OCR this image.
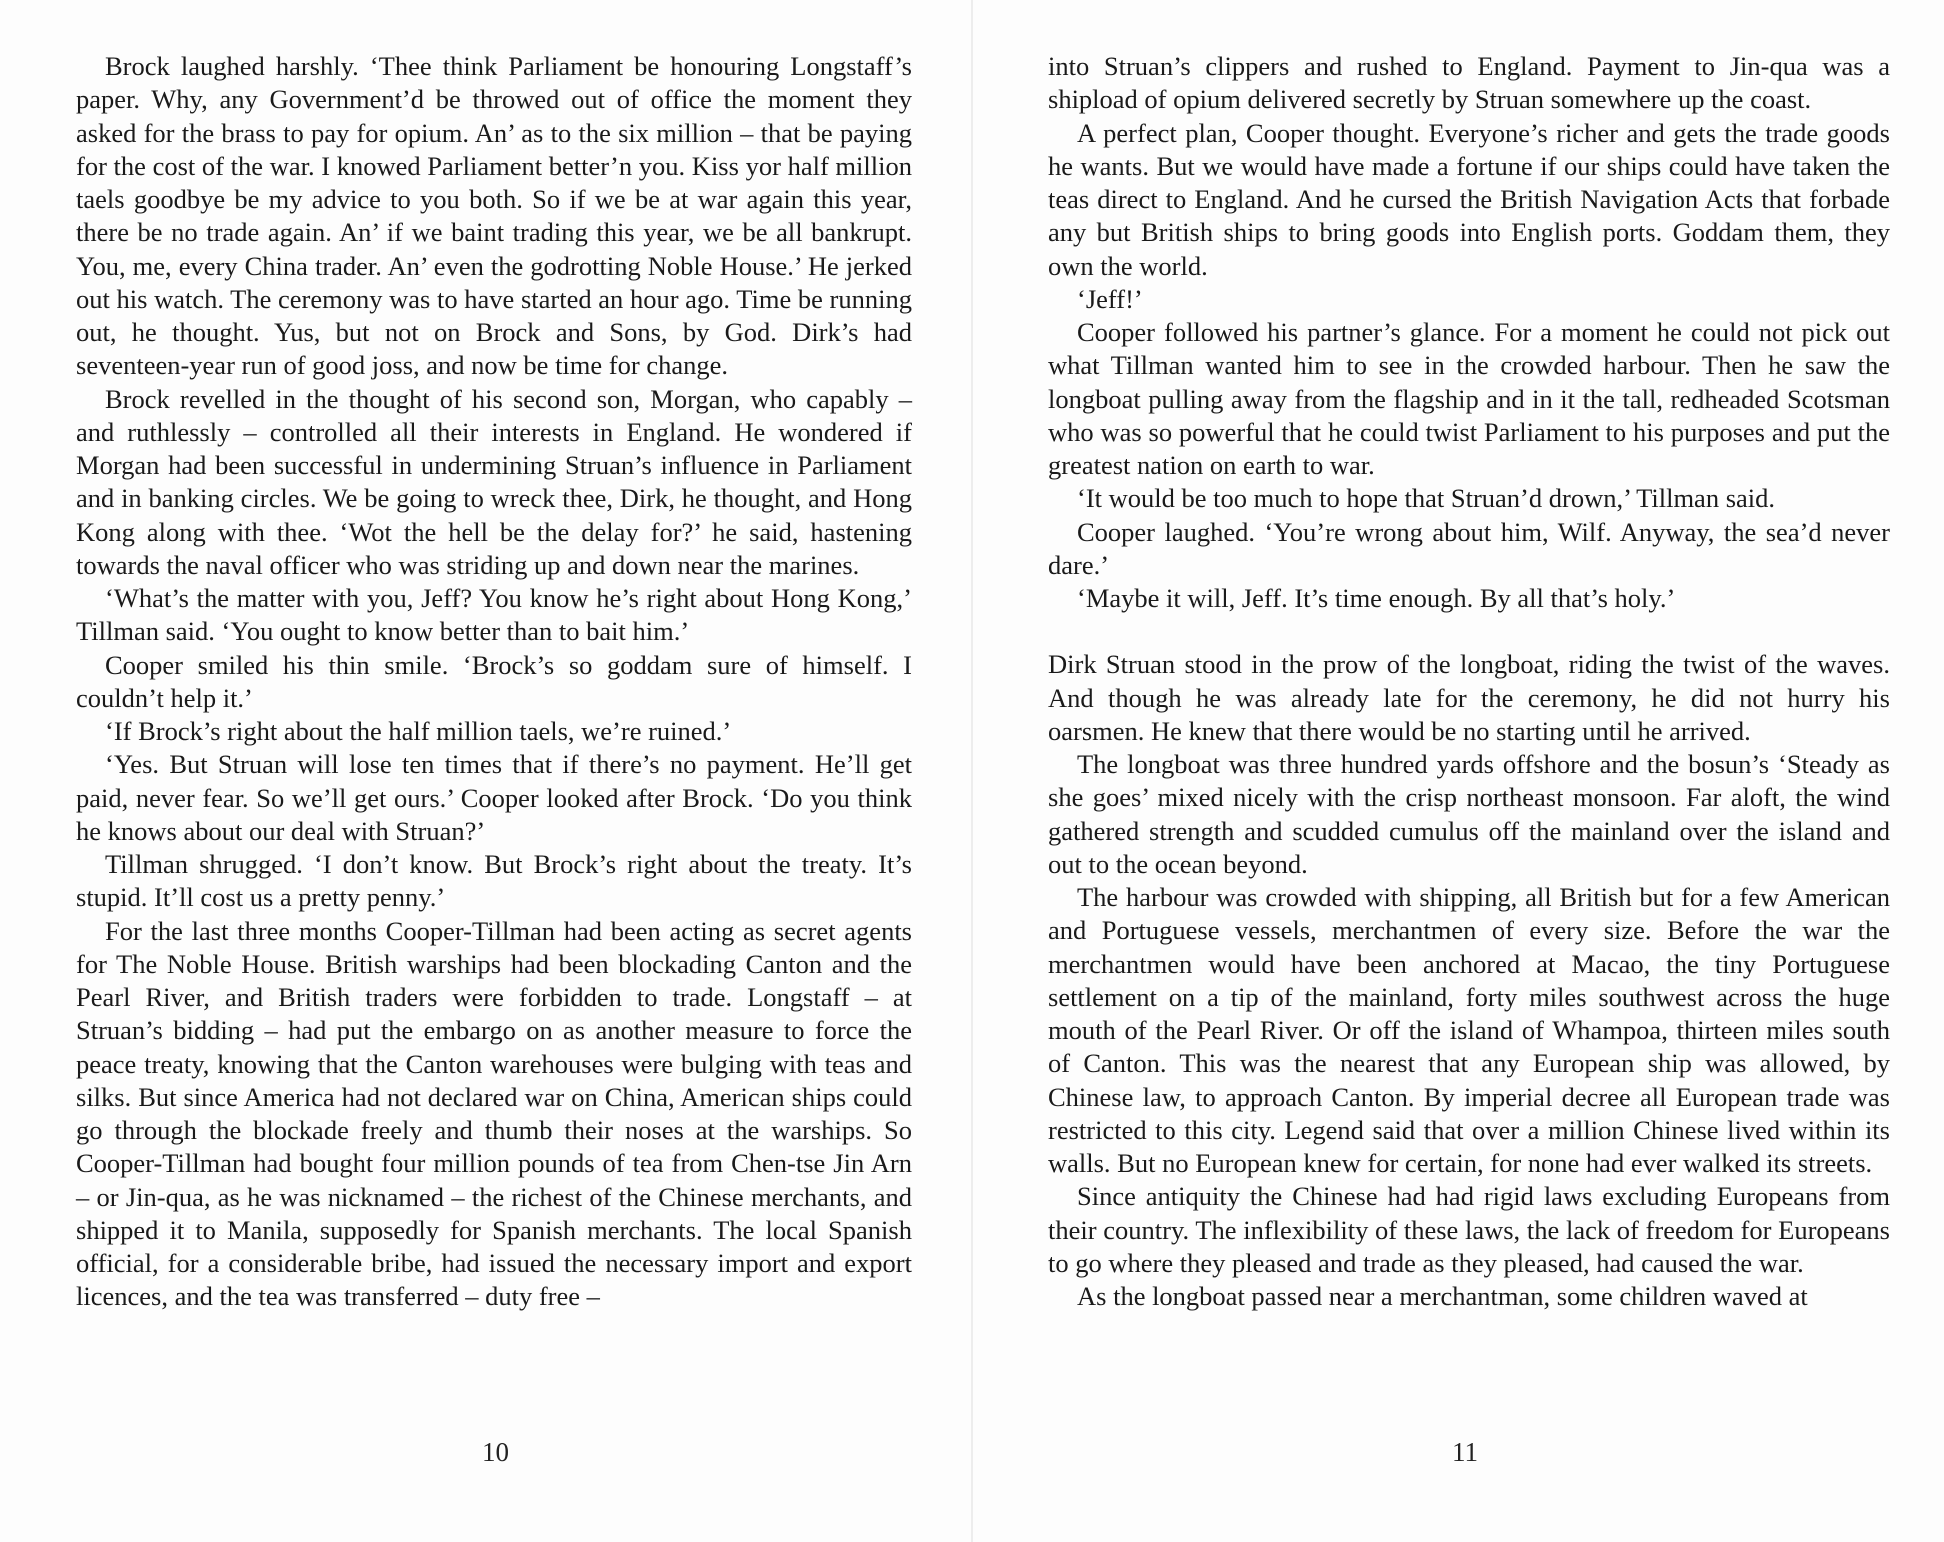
Brock laughed harshly. ‘Thee think Parliament be honouring Longstaff’s paper. Why, any Government’d be throwed out of office the moment they asked for the brass to pay for opium. An’ as to the six million – that be paying for the cost of the war. I knowed Parliament better’n you. Kiss yor half million taels goodbye be my advice to you both. So if we be at war again this year, there be no trade again. An’ if we baint trading this year, we be all bankrupt. You, me, every China trader. An’ even the godrotting Noble House.’ He jerked out his watch. The ceremony was to have started an hour ago. Time be running out, he thought. Yus, but not on Brock and Sons, by God. Dirk’s had seventeen-year run of good joss, and now be time for change.

Brock revelled in the thought of his second son, Morgan, who capably – and ruthlessly – controlled all their interests in England. He wondered if Morgan had been successful in undermining Struan’s influence in Parliament and in banking circles. We be going to wreck thee, Dirk, he thought, and Hong Kong along with thee. ‘Wot the hell be the delay for?’ he said, hastening towards the naval officer who was striding up and down near the marines.

‘What’s the matter with you, Jeff? You know he’s right about Hong Kong,’ Tillman said. ‘You ought to know better than to bait him.’

Cooper smiled his thin smile. ‘Brock’s so goddam sure of himself. I couldn’t help it.’

‘If Brock’s right about the half million taels, we’re ruined.’

‘Yes. But Struan will lose ten times that if there’s no payment. He’ll get paid, never fear. So we’ll get ours.’ Cooper looked after Brock. ‘Do you think he knows about our deal with Struan?’

Tillman shrugged. ‘I don’t know. But Brock’s right about the treaty. It’s stupid. It’ll cost us a pretty penny.’

For the last three months Cooper-Tillman had been acting as secret agents for The Noble House. British warships had been blockading Canton and the Pearl River, and British traders were forbidden to trade. Longstaff – at Struan’s bidding – had put the embargo on as another measure to force the peace treaty, knowing that the Canton warehouses were bulging with teas and silks. But since America had not declared war on China, American ships could go through the blockade freely and thumb their noses at the warships. So Cooper-Tillman had bought four million pounds of tea from Chen-tse Jin Arn – or Jin-qua, as he was nicknamed – the richest of the Chinese merchants, and shipped it to Manila, supposedly for Spanish merchants. The local Spanish official, for a considerable bribe, had issued the necessary import and export licences, and the tea was transferred – duty free –

10

into Struan’s clippers and rushed to England. Payment to Jin-qua was a shipload of opium delivered secretly by Struan somewhere up the coast.

A perfect plan, Cooper thought. Everyone’s richer and gets the trade goods he wants. But we would have made a fortune if our ships could have taken the teas direct to England. And he cursed the British Navigation Acts that forbade any but British ships to bring goods into English ports. Goddam them, they own the world.

‘Jeff!’

Cooper followed his partner’s glance. For a moment he could not pick out what Tillman wanted him to see in the crowded harbour. Then he saw the longboat pulling away from the flagship and in it the tall, redheaded Scotsman who was so powerful that he could twist Parliament to his purposes and put the greatest nation on earth to war.

‘It would be too much to hope that Struan’d drown,’ Tillman said.

Cooper laughed. ‘You’re wrong about him, Wilf. Anyway, the sea’d never dare.’

‘Maybe it will, Jeff. It’s time enough. By all that’s holy.’

Dirk Struan stood in the prow of the longboat, riding the twist of the waves. And though he was already late for the ceremony, he did not hurry his oarsmen. He knew that there would be no starting until he arrived.

The longboat was three hundred yards offshore and the bosun’s ‘Steady as she goes’ mixed nicely with the crisp northeast monsoon. Far aloft, the wind gathered strength and scudded cumulus off the mainland over the island and out to the ocean beyond.

The harbour was crowded with shipping, all British but for a few American and Portuguese vessels, merchantmen of every size. Before the war the merchantmen would have been anchored at Macao, the tiny Portuguese settlement on a tip of the mainland, forty miles southwest across the huge mouth of the Pearl River. Or off the island of Whampoa, thirteen miles south of Canton. This was the nearest that any European ship was allowed, by Chinese law, to approach Canton. By imperial decree all European trade was restricted to this city. Legend said that over a million Chinese lived within its walls. But no European knew for certain, for none had ever walked its streets.

Since antiquity the Chinese had had rigid laws excluding Europeans from their country. The inflexibility of these laws, the lack of freedom for Europeans to go where they pleased and trade as they pleased, had caused the war.

As the longboat passed near a merchantman, some children waved at

11
